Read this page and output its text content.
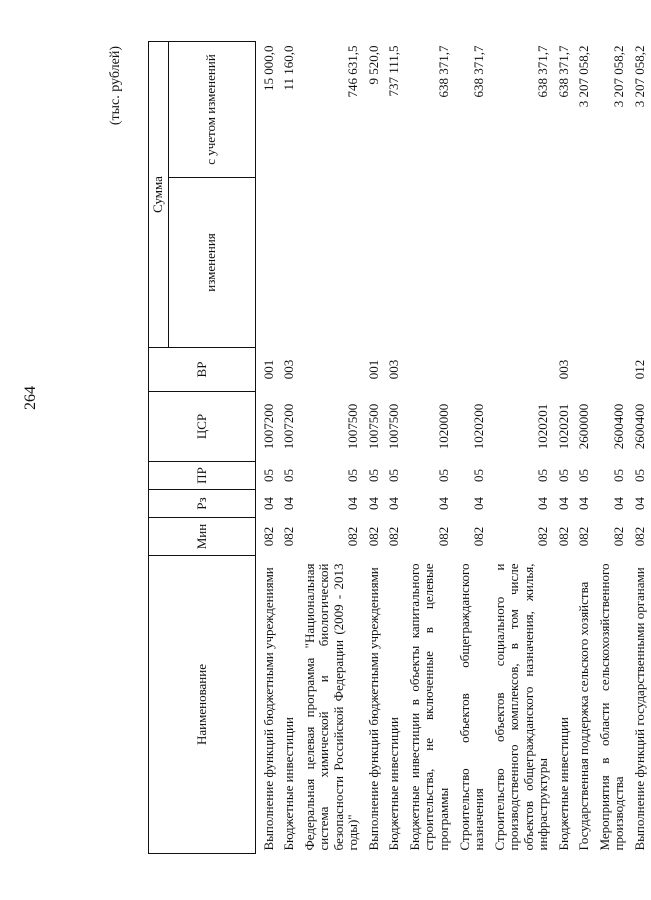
264
(тыс. рублей)
Наименование	Мин	Рз	ПР	ЦСР	ВР	Сумма	
						изменения	с учетом изменений
Выполнение функций бюджетными учреждениями	082	04	05	1007200	001		15 000,0
Бюджетные инвестиции	082	04	05	1007200	003		11 160,0
Федеральная целевая программа "Национальная система химической и биологической безопасности Российской Федерации (2009 - 2013 годы)"	082	04	05	1007500			746 631,5
Выполнение функций бюджетными учреждениями	082	04	05	1007500	001		9 520,0
Бюджетные инвестиции	082	04	05	1007500	003		737 111,5
Бюджетные инвестиции в объекты капитального строительства, не включенные в целевые программы	082	04	05	1020000			638 371,7
Строительство объектов общегражданского назначения	082	04	05	1020200			638 371,7
Строительство объектов социального и производственного комплексов, в том числе объектов общегражданского назначения, жилья, инфраструктуры	082	04	05	1020201			638 371,7
Бюджетные инвестиции	082	04	05	1020201	003		638 371,7
Государственная поддержка сельского хозяйства	082	04	05	2600000			3 207 058,2
Мероприятия в области сельскохозяйственного производства	082	04	05	2600400			3 207 058,2
Выполнение функций государственными органами	082	04	05	2600400	012		3 207 058,2
